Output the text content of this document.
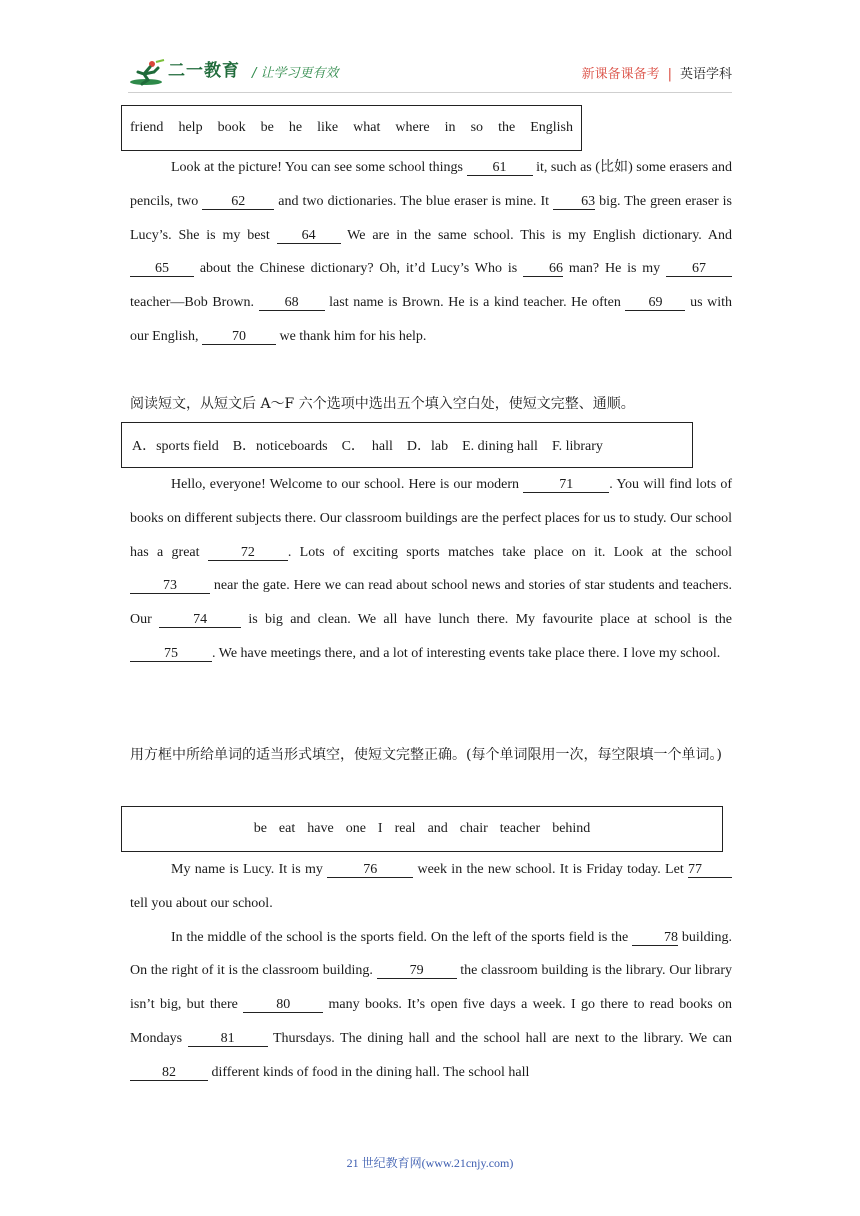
二一教育 / 让学习更有效	新课备课备考 | 英语学科
friend help book be he like what where in so the English

Look at the picture! You can see some school things 61 it, such as (比如) some erasers and pencils, two 62 and two dictionaries. The blue eraser is mine. It 63 big. The green eraser is Lucy’s. She is my best 64 We are in the same school. This is my English dictionary. And 65 about the Chinese dictionary? Oh, it’d Lucy’s Who is 66 man? He is my 67 teacher—Bob Brown. 68 last name is Brown. He is a kind teacher. He often 69 us with our English, 70 we thank him for his help.

阅读短文，从短文后 A～F 六个选项中选出五个填入空白处，使短文完整、通顺。
A．sports field    B．noticeboards    C．  hall    D．lab    E. dining hall    F. library

Hello, everyone! Welcome to our school. Here is our modern	71	. You will find lots of books on different subjects there. Our classroom buildings are the perfect places for us to study. Our school has a great 72 . Lots of exciting sports matches take place on it. Look at the school 73 near the gate. Here we can read about school news and stories of star students and teachers. Our 74 is big and clean. We all have lunch there. My favourite place at school is the 75 . We have meetings there, and a lot of interesting events take place there. I love my school.

用方框中所给单词的适当形式填空，使短文完整正确。(每个单词限用一次，每空限填一个单词。)
be eat have one I real and chair teacher behind

My name is Lucy. It is my	76	week in the new school. It is Friday today. Let 77 tell you about our school.

In the middle of the school is the sports field. On the left of the sports field is the 78 building. On the right of it is the classroom building. 79 the classroom building is the library. Our library isn’t big, but there 80 many books. It’s open five days a week. I go there to read books on Mondays 81 Thursdays. The dining hall and the school hall are next to the library. We can 82 different kinds of food in the dining hall. The school hall

21 世纪教育网(www.21cnjy.com)
